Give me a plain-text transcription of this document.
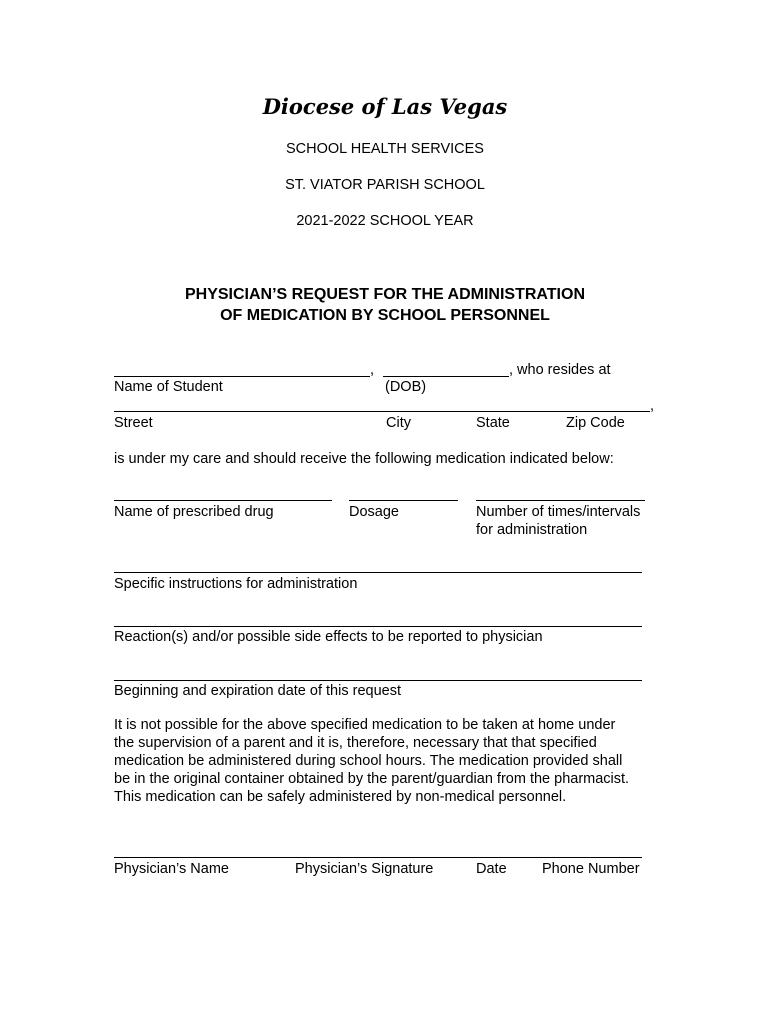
Diocese of Las Vegas
SCHOOL HEALTH SERVICES
ST. VIATOR PARISH SCHOOL
2021-2022 SCHOOL YEAR
PHYSICIAN’S REQUEST FOR THE ADMINISTRATION
OF MEDICATION BY SCHOOL PERSONNEL
,	, who resides at
Name of Student	(DOB)
,
Street	City	State	Zip Code
is under my care and should receive the following medication indicated below:
Name of prescribed drug	Dosage	Number of times/intervals
for administration
Specific instructions for administration
Reaction(s) and/or possible side effects to be reported to physician
Beginning and expiration date of this request
It is not possible for the above specified medication to be taken at home under
the supervision of a parent and it is, therefore, necessary that that specified
medication be administered during school hours. The medication provided shall
be in the original container obtained by the parent/guardian from the pharmacist.
This medication can be safely administered by non-medical personnel.
Physician’s Name	Physician’s Signature	Date Phone Number
